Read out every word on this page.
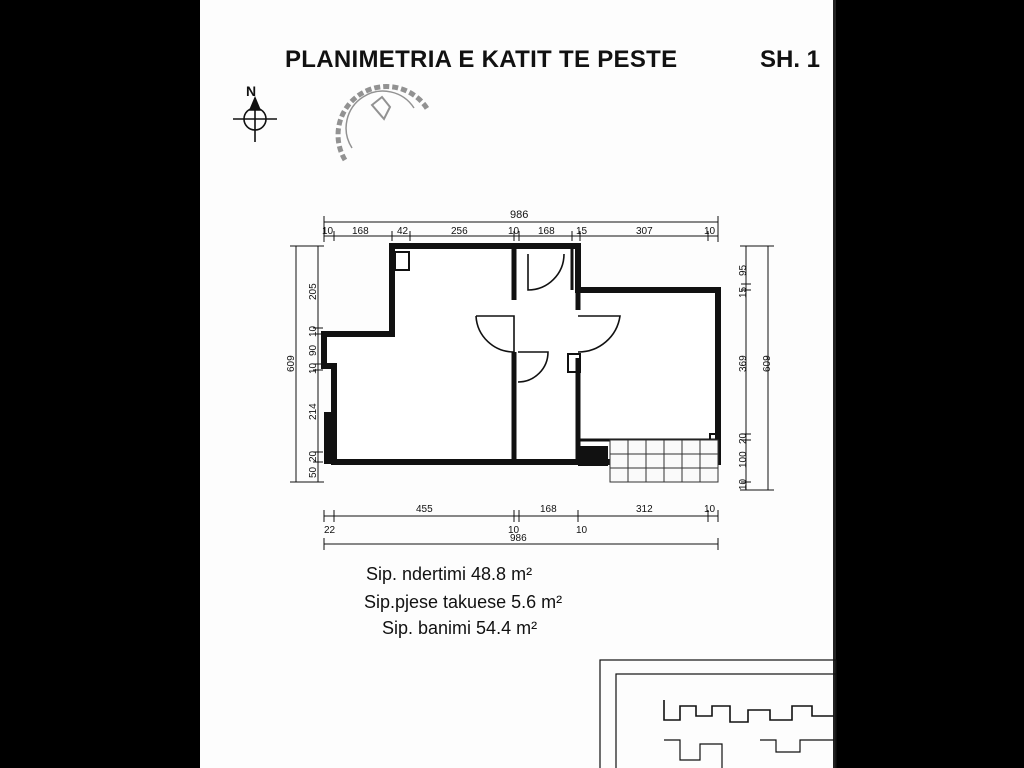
N
986
10 168	42	256	10 168 15	307	10
609
205
10
90
10
214
20
50
609
95
15
369
20
100
10
22
455
10
168
10
312	10
986
PLANIMETRIA E KATIT TE PESTE	SH. 1
Sip. ndertimi 48.8 m²
Sip.pjese takuese 5.6 m²
Sip. banimi 54.4 m²
